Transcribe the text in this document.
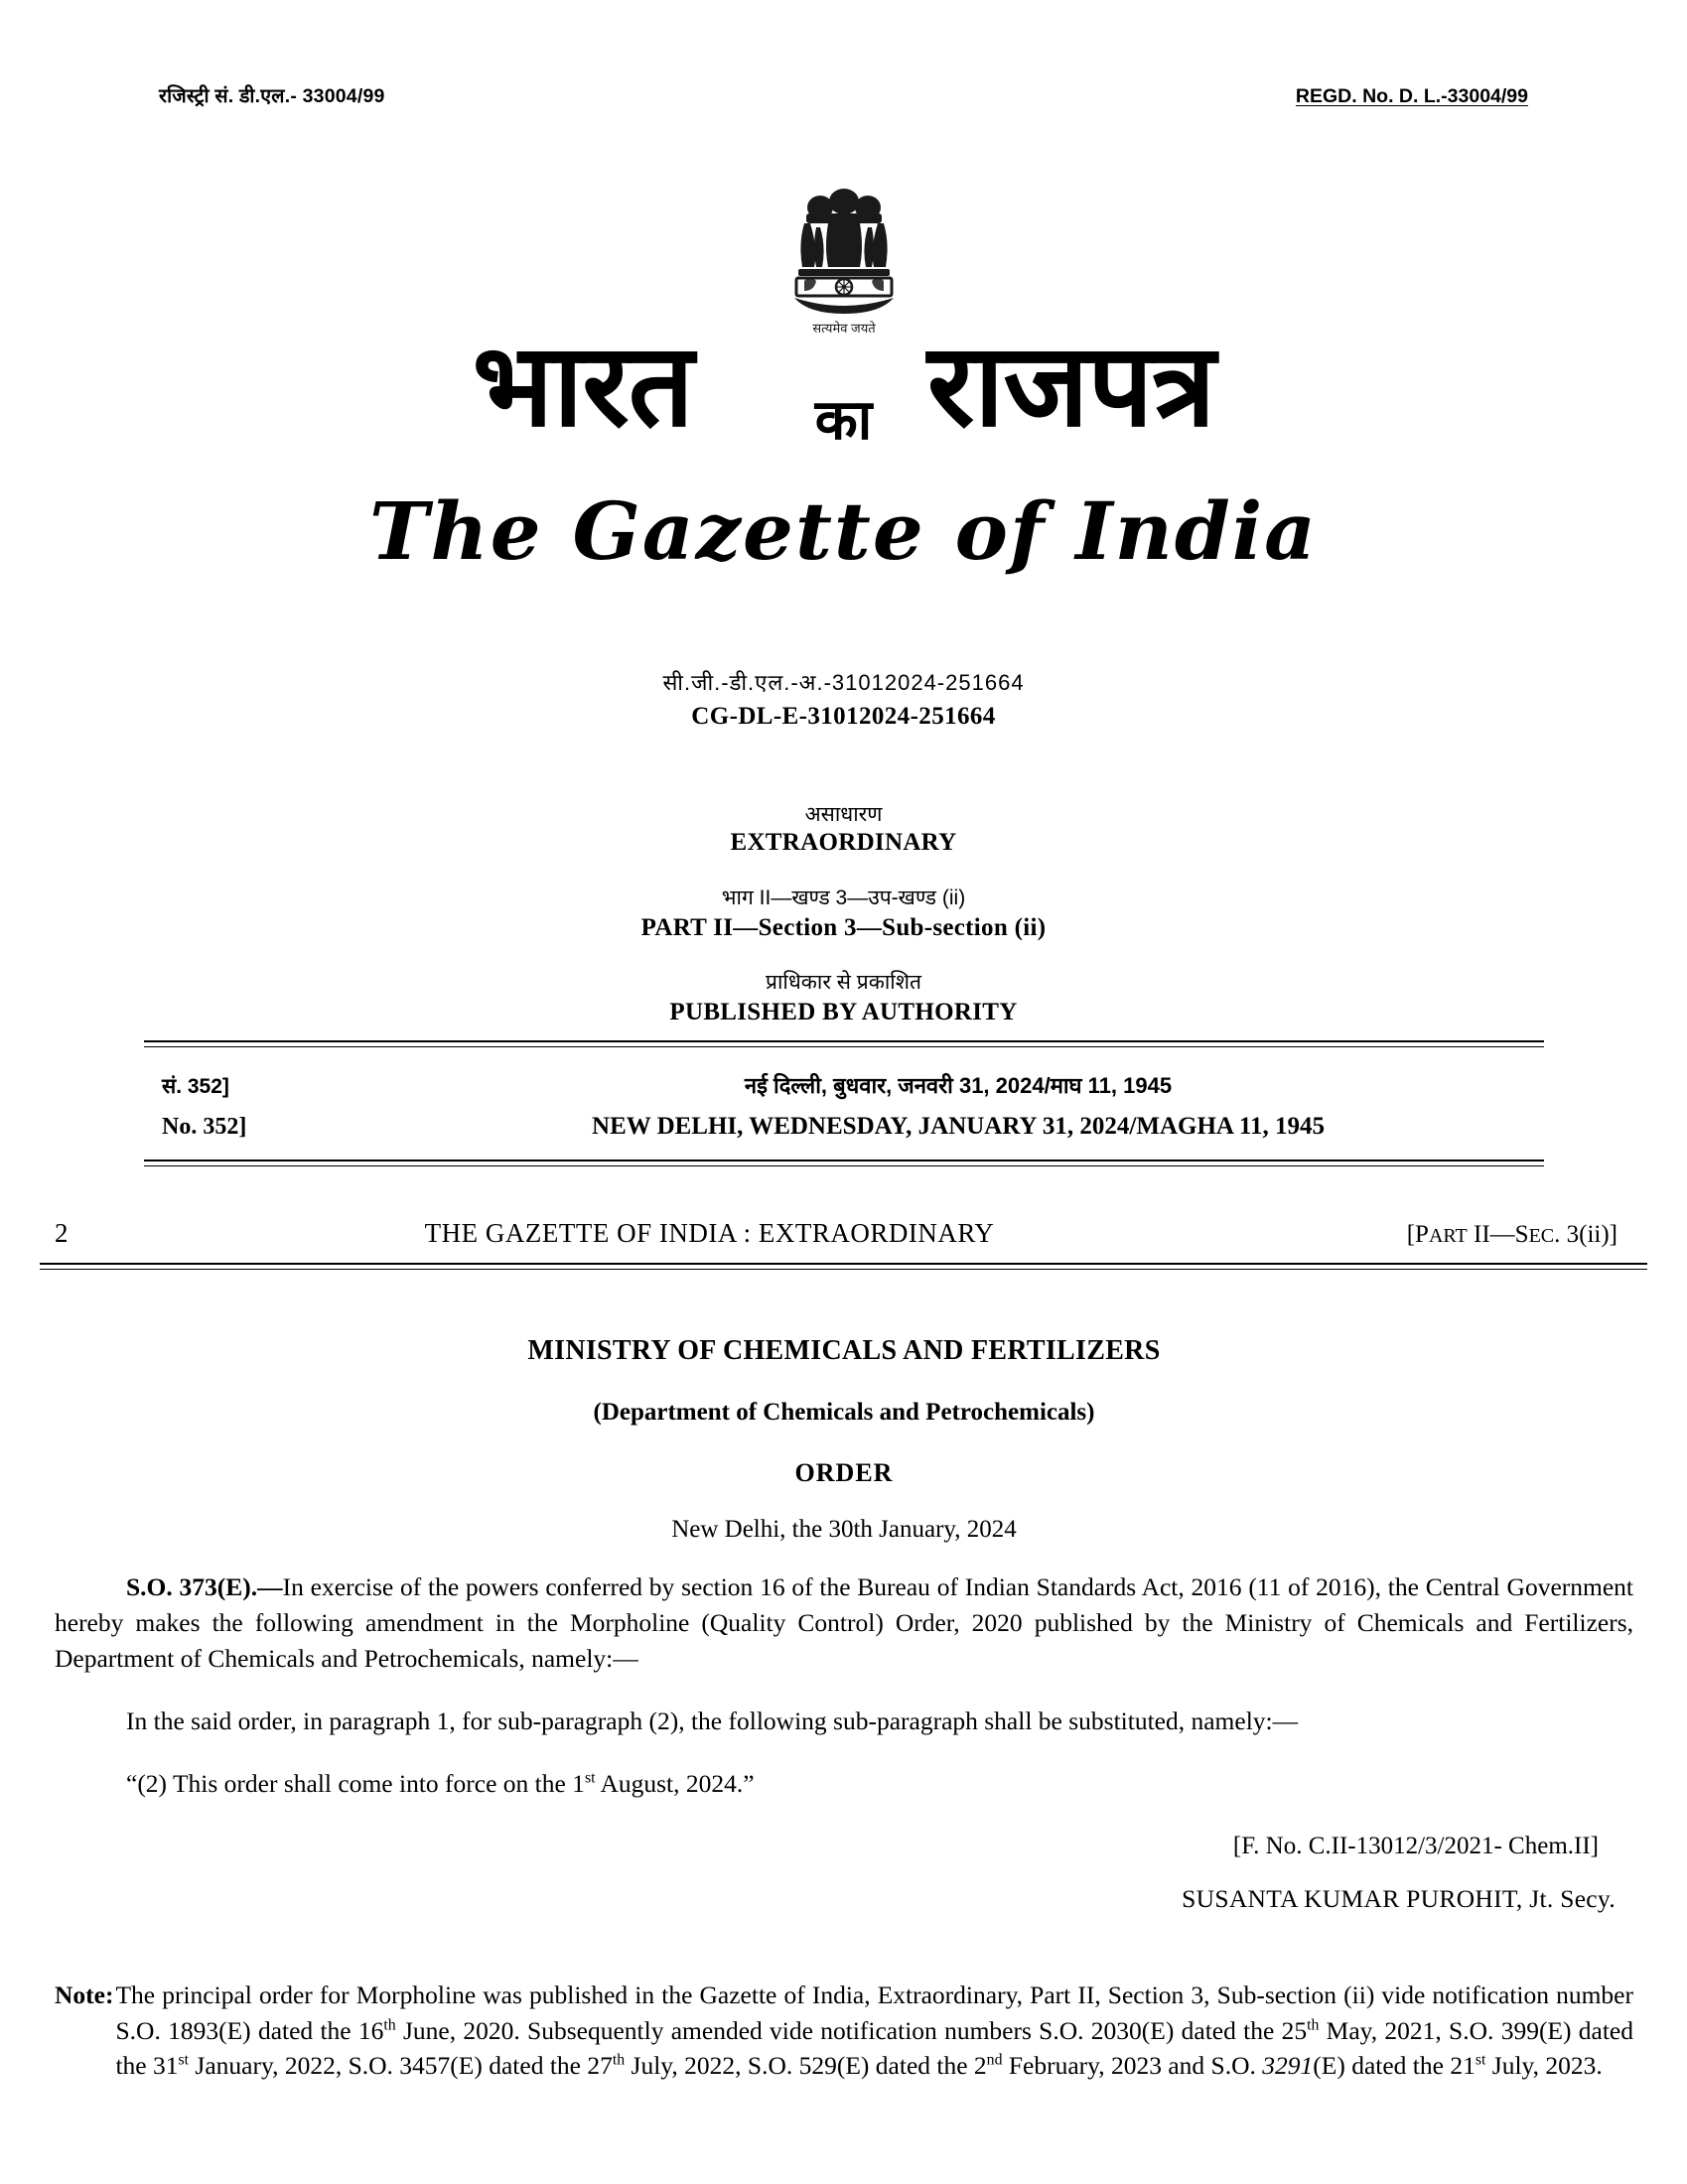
रजिस्ट्री सं. डी.एल.- 33004/99	REGD. No. D. L.-33004/99
सत्यमेव जयते
भारत राजपत्र
का
The Gazette of India
सी.जी.-डी.एल.-अ.-31012024-251664
CG-DL-E-31012024-251664
असाधारण
EXTRAORDINARY
भाग II—खण्ड 3—उप-खण्ड (ii)
PART II—Section 3—Sub-section (ii)
प्राधिकार से प्रकाशित
PUBLISHED BY AUTHORITY
सं. 352]	नई दिल्ली, बुधवार, जनवरी 31, 2024/माघ 11, 1945
No. 352]	NEW DELHI, WEDNESDAY, JANUARY 31, 2024/MAGHA 11, 1945
2	THE GAZETTE OF INDIA : EXTRAORDINARY	[PART II—SEC. 3(ii)]
MINISTRY OF CHEMICALS AND FERTILIZERS
(Department of Chemicals and Petrochemicals)
ORDER
New Delhi, the 30th January, 2024

S.O. 373(E).—In exercise of the powers conferred by section 16 of the Bureau of Indian Standards Act, 2016 (11 of 2016), the Central Government hereby makes the following amendment in the Morpholine (Quality Control) Order, 2020 published by the Ministry of Chemicals and Fertilizers, Department of Chemicals and Petrochemicals, namely:—

In the said order, in paragraph 1, for sub-paragraph (2), the following sub-paragraph shall be substituted, namely:—

“(2) This order shall come into force on the 1st August, 2024.”

[F. No. C.II-13012/3/2021- Chem.II]
SUSANTA KUMAR PUROHIT, Jt. Secy.
Note: The principal order for Morpholine was published in the Gazette of India, Extraordinary, Part II, Section 3, Sub-section (ii) vide notification number S.O. 1893(E) dated the 16th June, 2020. Subsequently amended vide notification numbers S.O. 2030(E) dated the 25th May, 2021, S.O. 399(E) dated the 31st January, 2022, S.O. 3457(E) dated the 27th July, 2022, S.O. 529(E) dated the 2nd February, 2023 and S.O. 3291(E) dated the 21st July, 2023.
